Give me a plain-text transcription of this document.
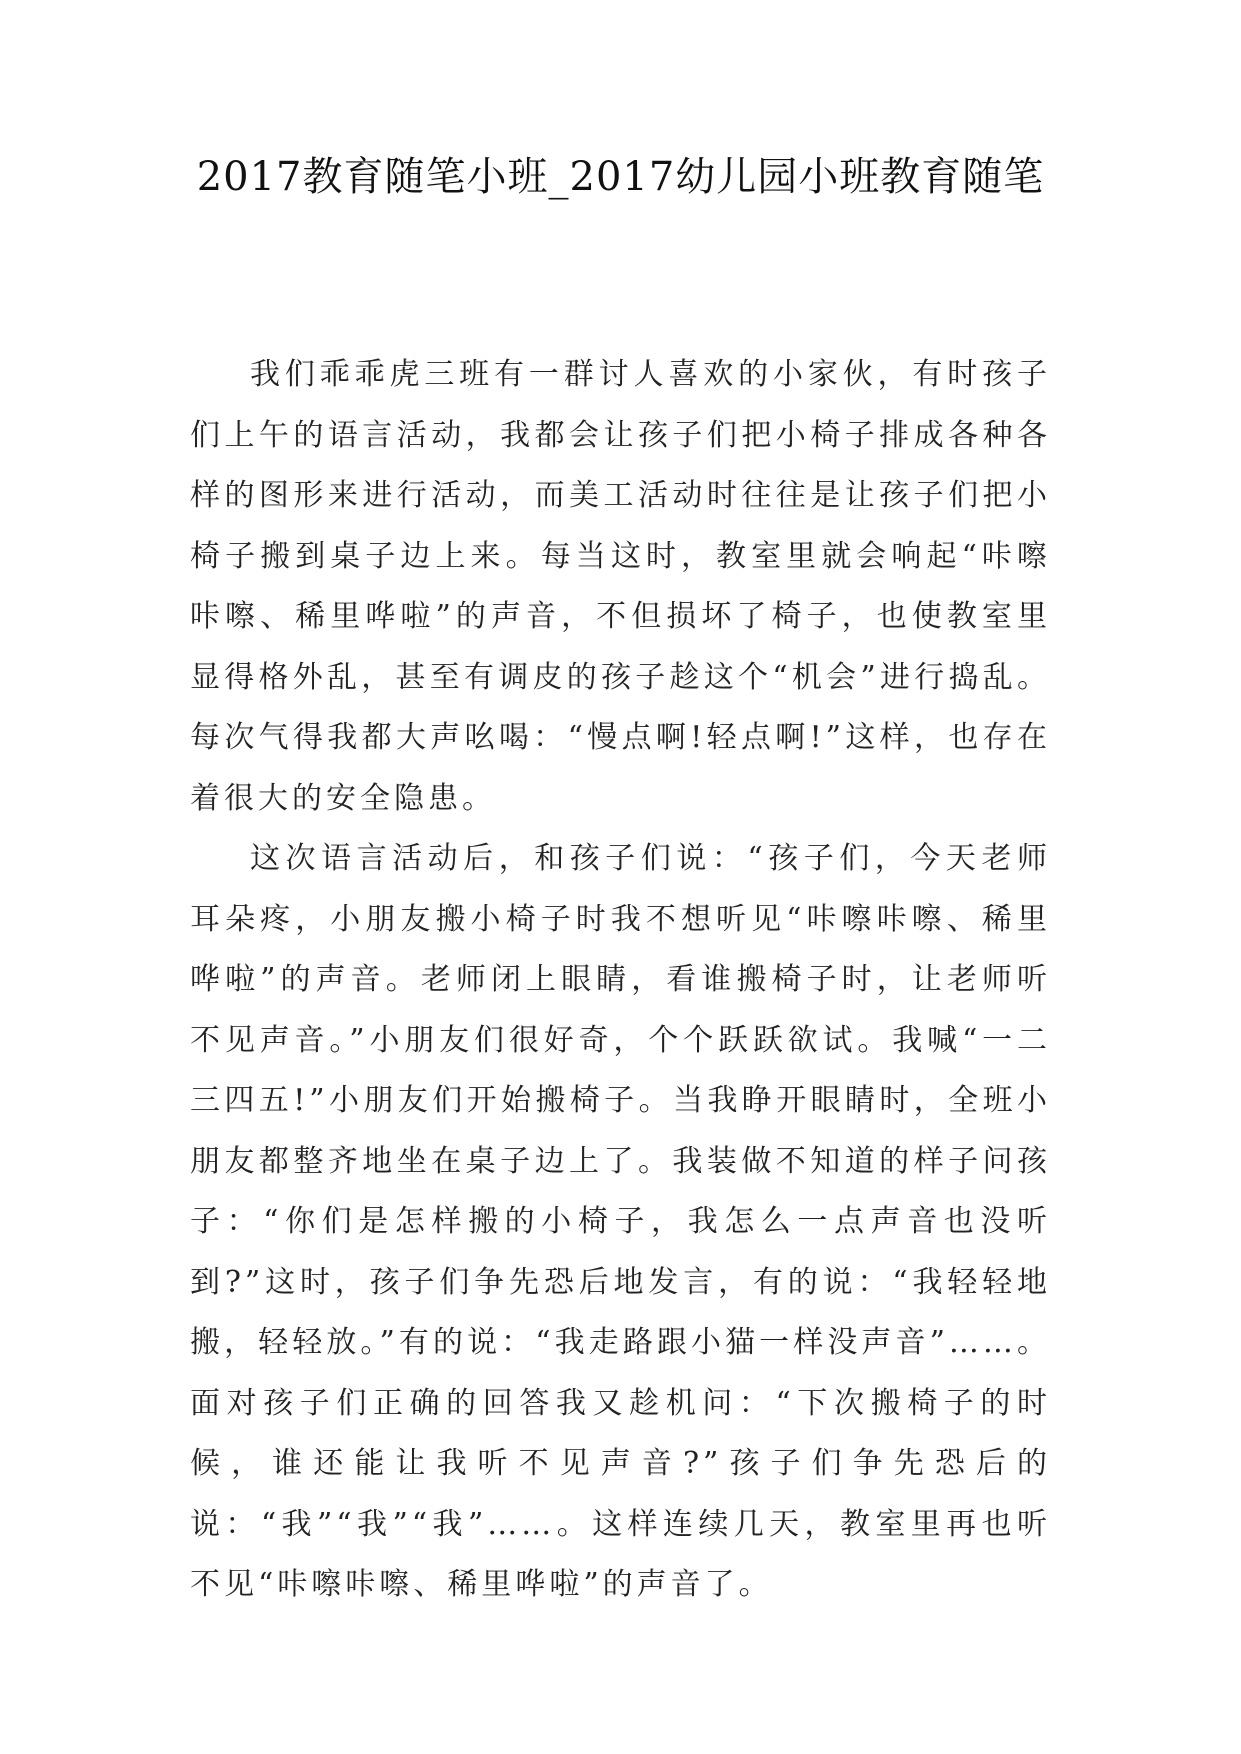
2017教育随笔小班_2017幼儿园小班教育随笔

我们乖乖虎三班有一群讨人喜欢的小家伙，有时孩子们上午的语言活动，我都会让孩子们把小椅子排成各种各样的图形来进行活动，而美工活动时往往是让孩子们把小椅子搬到桌子边上来。每当这时，教室里就会响起“咔嚓咔嚓、稀里哗啦”的声音，不但损坏了椅子，也使教室里显得格外乱，甚至有调皮的孩子趁这个“机会”进行捣乱。每次气得我都大声吆喝：“慢点啊!轻点啊!”这样，也存在着很大的安全隐患。

这次语言活动后，和孩子们说：“孩子们，今天老师耳朵疼，小朋友搬小椅子时我不想听见“咔嚓咔嚓、稀里哗啦”的声音。老师闭上眼睛，看谁搬椅子时，让老师听不见声音。”小朋友们很好奇，个个跃跃欲试。我喊“一二三四五!”小朋友们开始搬椅子。当我睁开眼睛时，全班小朋友都整齐地坐在桌子边上了。我装做不知道的样子问孩子：“你们是怎样搬的小椅子，我怎么一点声音也没听到?”这时，孩子们争先恐后地发言，有的说：“我轻轻地搬，轻轻放。”有的说：“我走路跟小猫一样没声音”……。面对孩子们正确的回答我又趁机问：“下次搬椅子的时候，谁还能让我听不见声音?”孩子们争先恐后的说：“我”“我”“我”……。这样连续几天，教室里再也听不见“咔嚓咔嚓、稀里哗啦”的声音了。
